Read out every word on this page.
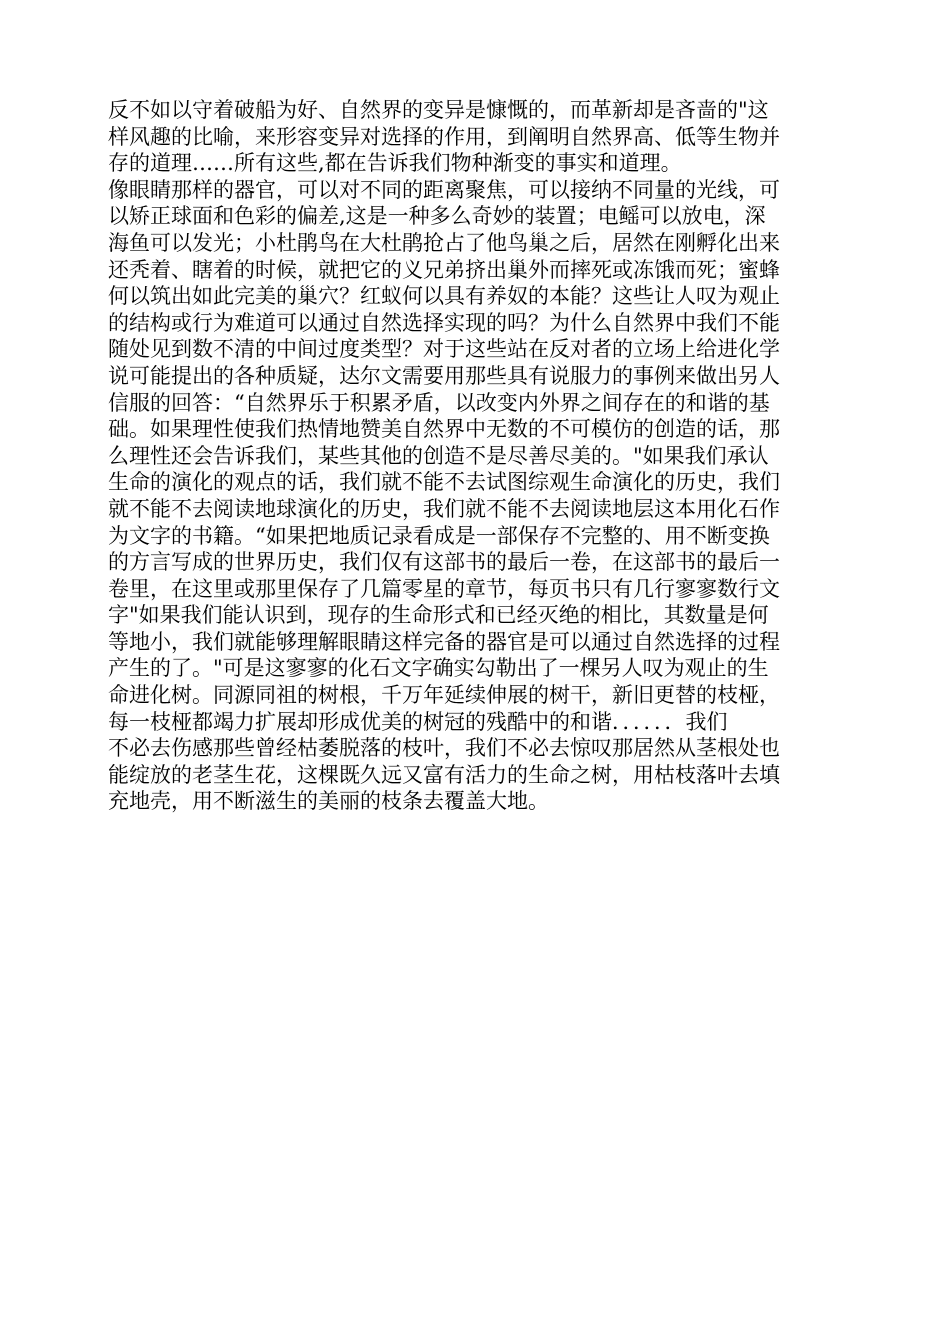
反不如以守着破船为好、自然界的变异是慷慨的，而革新却是吝啬的"这
样风趣的比喻，来形容变异对选择的作用，到阐明自然界高、低等生物并
存的道理……所有这些,都在告诉我们物种渐变的事实和道理。
像眼睛那样的器官，可以对不同的距离聚焦，可以接纳不同量的光线，可
以矫正球面和色彩的偏差,这是一种多么奇妙的装置；电鳐可以放电，深
海鱼可以发光；小杜鹃鸟在大杜鹃抢占了他鸟巢之后，居然在刚孵化出来
还秃着、瞎着的时候，就把它的义兄弟挤出巢外而摔死或冻饿而死；蜜蜂
何以筑出如此完美的巢穴？红蚁何以具有养奴的本能？这些让人叹为观止
的结构或行为难道可以通过自然选择实现的吗？为什么自然界中我们不能
随处见到数不清的中间过度类型？对于这些站在反对者的立场上给进化学
说可能提出的各种质疑，达尔文需要用那些具有说服力的事例来做出另人
信服的回答：“自然界乐于积累矛盾，以改变内外界之间存在的和谐的基
础。如果理性使我们热情地赞美自然界中无数的不可模仿的创造的话，那
么理性还会告诉我们，某些其他的创造不是尽善尽美的。"如果我们承认
生命的演化的观点的话，我们就不能不去试图综观生命演化的历史，我们
就不能不去阅读地球演化的历史，我们就不能不去阅读地层这本用化石作
为文字的书籍。“如果把地质记录看成是一部保存不完整的、用不断变换
的方言写成的世界历史，我们仅有这部书的最后一卷，在这部书的最后一
卷里，在这里或那里保存了几篇零星的章节，每页书只有几行寥寥数行文
字"如果我们能认识到，现存的生命形式和已经灭绝的相比，其数量是何
等地小，我们就能够理解眼睛这样完备的器官是可以通过自然选择的过程
产生的了。"可是这寥寥的化石文字确实勾勒出了一棵另人叹为观止的生
命进化树。同源同祖的树根，千万年延续伸展的树干，新旧更替的枝桠，
每一枝桠都竭力扩展却形成优美的树冠的残酷中的和谐．．．．．．我们
不必去伤感那些曾经枯萎脱落的枝叶，我们不必去惊叹那居然从茎根处也
能绽放的老茎生花，这棵既久远又富有活力的生命之树，用枯枝落叶去填
充地壳，用不断滋生的美丽的枝条去覆盖大地。
